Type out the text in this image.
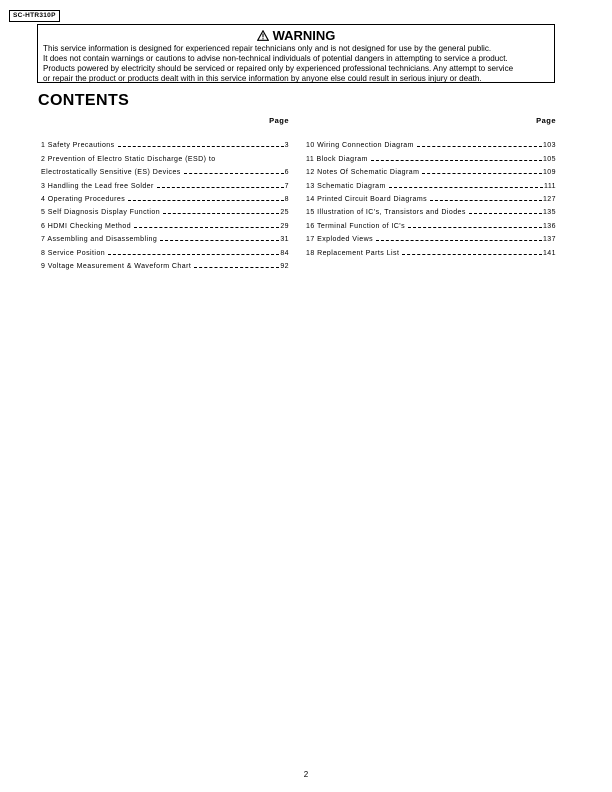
SC-HTR310P
WARNING
This service information is designed for experienced repair technicians only and is not designed for use by the general public.
It does not contain warnings or cautions to advise non-technical individuals of potential dangers in attempting to service a product.
Products powered by electricity should be serviced or repaired only by experienced professional technicians. Any attempt to service
or repair the product or products dealt with in this service information by anyone else could result in serious injury or death.
CONTENTS
Page
1 Safety Precautions	3
2 Prevention of Electro Static Discharge (ESD) to
Electrostatically Sensitive (ES) Devices	6
3 Handling the Lead free Solder	7
4 Operating Procedures	8
5 Self Diagnosis Display Function	25
6 HDMI Checking Method	29
7 Assembling and Disassembling	31
8 Service Position	84
9 Voltage Measurement & Waveform Chart	92
Page
10 Wiring Connection Diagram	103
11 Block Diagram	105
12 Notes Of Schematic Diagram	109
13 Schematic Diagram	111
14 Printed Circuit Board Diagrams	127
15 Illustration of IC's, Transistors and Diodes	135
16 Terminal Function of IC's	136
17 Exploded Views	137
18 Replacement Parts List	141
2
